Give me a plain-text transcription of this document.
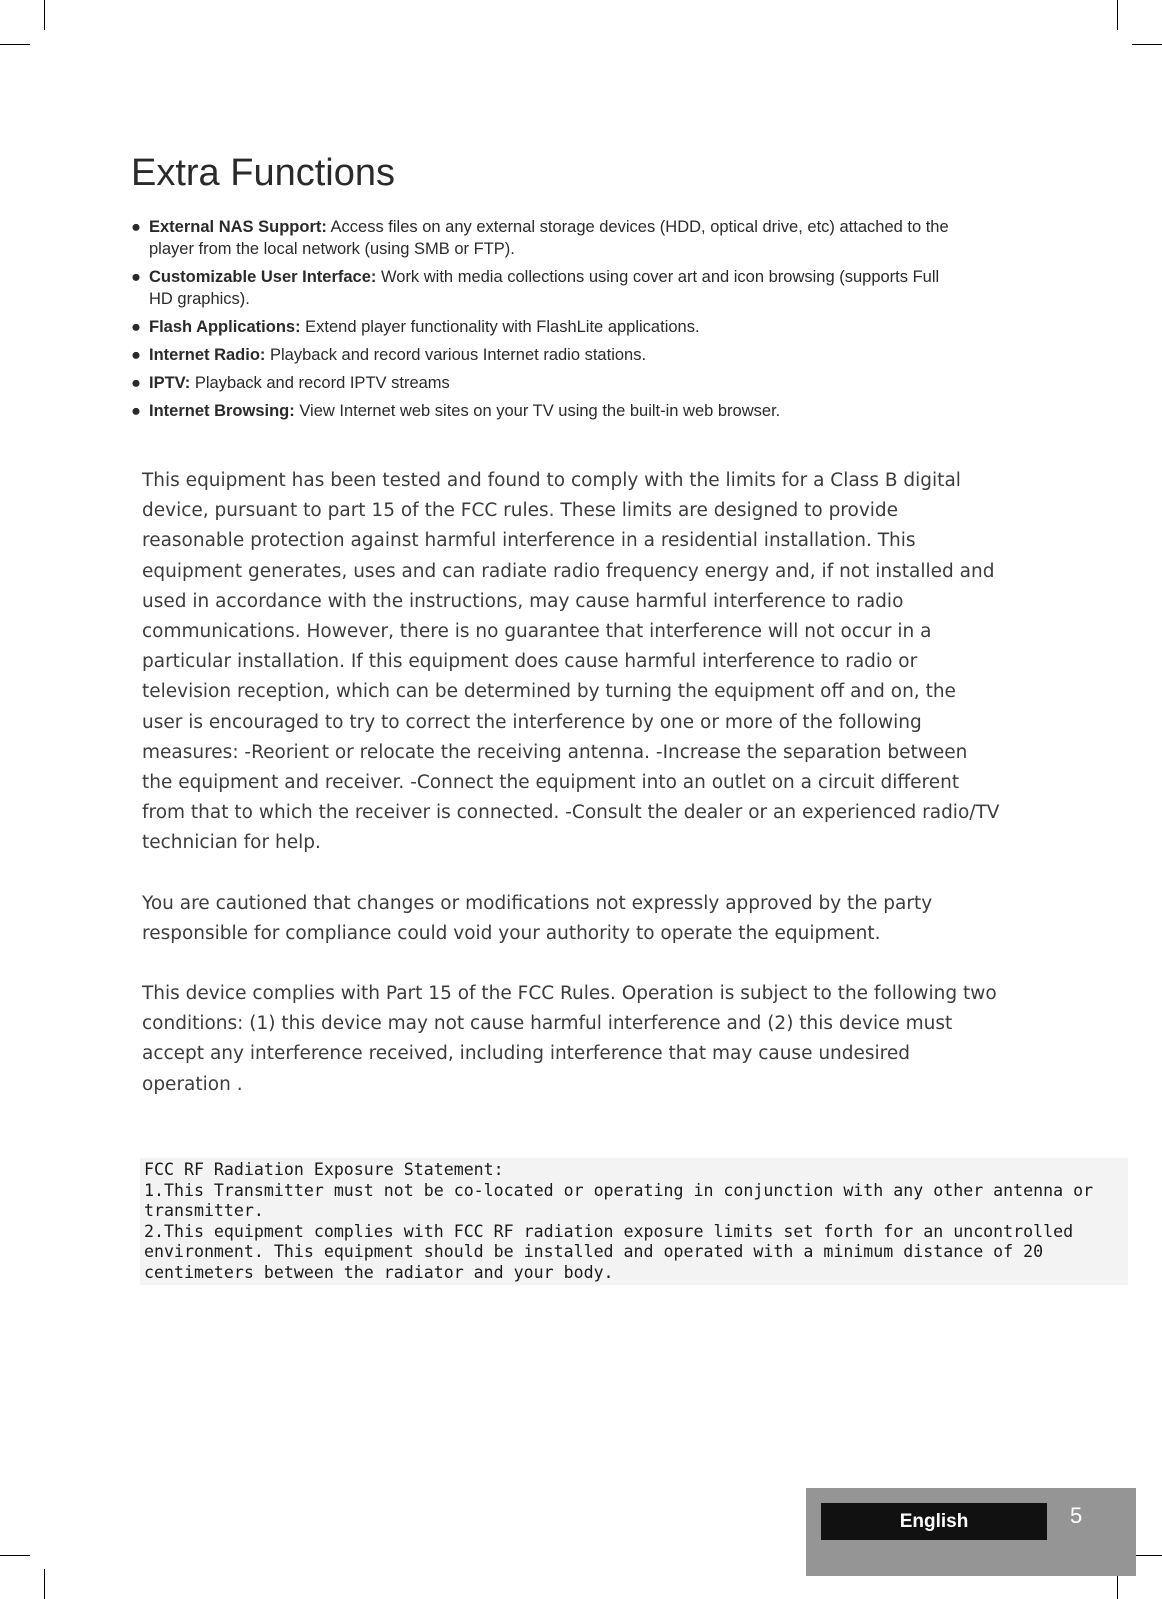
Extra Functions
● External NAS Support: Access files on any external storage devices (HDD, optical drive, etc) attached to the player from the local network (using SMB or FTP).
● Customizable User Interface: Work with media collections using cover art and icon browsing (supports Full HD graphics).
● Flash Applications: Extend player functionality with FlashLite applications.
● Internet Radio: Playback and record various Internet radio stations.
● IPTV: Playback and record IPTV streams
● Internet Browsing: View Internet web sites on your TV using the built-in web browser.

This equipment has been tested and found to comply with the limits for a Class B digital device, pursuant to part 15 of the FCC rules. These limits are designed to provide reasonable protection against harmful interference in a residential installation. This equipment generates, uses and can radiate radio frequency energy and, if not installed and used in accordance with the instructions, may cause harmful interference to radio communications. However, there is no guarantee that interference will not occur in a particular installation. If this equipment does cause harmful interference to radio or television reception, which can be determined by turning the equipment off and on, the user is encouraged to try to correct the interference by one or more of the following measures: -Reorient or relocate the receiving antenna. -Increase the separation between the equipment and receiver. -Connect the equipment into an outlet on a circuit different from that to which the receiver is connected. -Consult the dealer or an experienced radio/TV technician for help.

You are cautioned that changes or modifications not expressly approved by the party responsible for compliance could void your authority to operate the equipment.

This device complies with Part 15 of the FCC Rules. Operation is subject to the following two conditions: (1) this device may not cause harmful interference and (2) this device must accept any interference received, including interference that may cause undesired operation .

FCC RF Radiation Exposure Statement:
1.This Transmitter must not be co-located or operating in conjunction with any other antenna or transmitter.
2.This equipment complies with FCC RF radiation exposure limits set forth for an uncontrolled environment. This equipment should be installed and operated with a minimum distance of 20 centimeters between the radiator and your body.
English	5
